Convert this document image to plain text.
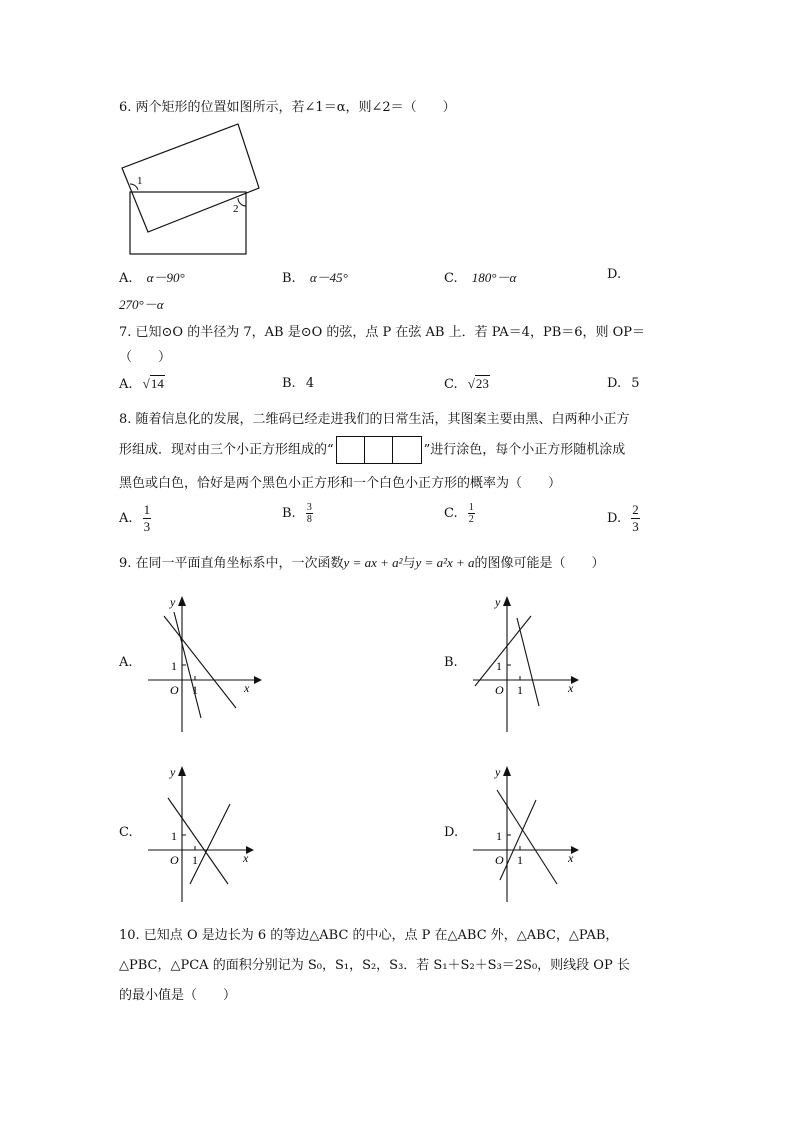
6. 两个矩形的位置如图所示，若∠1＝α，则∠2＝（　　）
1
2
A. α－90°	B. α－45°	C. 180°－α	D.
270°－α
7. 已知⊙O 的半径为 7，AB 是⊙O 的弦，点 P 在弦 AB 上．若 PA＝4，PB＝6，则 OP＝
（　　）
A. √14	B. 4	C. √23	D. 5
8. 随着信息化的发展，二维码已经走进我们的日常生活，其图案主要由黑、白两种小正方
形组成．现对由三个小正方形组成的“	”进行涂色，每个小正方形随机涂成
黑色或白色，恰好是两个黑色小正方形和一个白色小正方形的概率为（　　）
A. $\frac{1}{3}$	B. $\frac{3}{8}$	C. $\frac{1}{2}$	D. $\frac{2}{3}$
9. 在同一平面直角坐标系中，一次函数y = ax + a²与y = a²x + a的图像可能是（　　）
A.	B.
C.	D.
y
x
O
1
1
y
x
O
1
1
y
x
O
1
1
y
x
O
1
1
10. 已知点 O 是边长为 6 的等边△ABC 的中心，点 P 在△ABC 外，△ABC，△PAB，
△PBC，△PCA 的面积分别记为 S₀，S₁，S₂，S₃．若 S₁＋S₂＋S₃＝2S₀，则线段 OP 长
的最小值是（　　）
